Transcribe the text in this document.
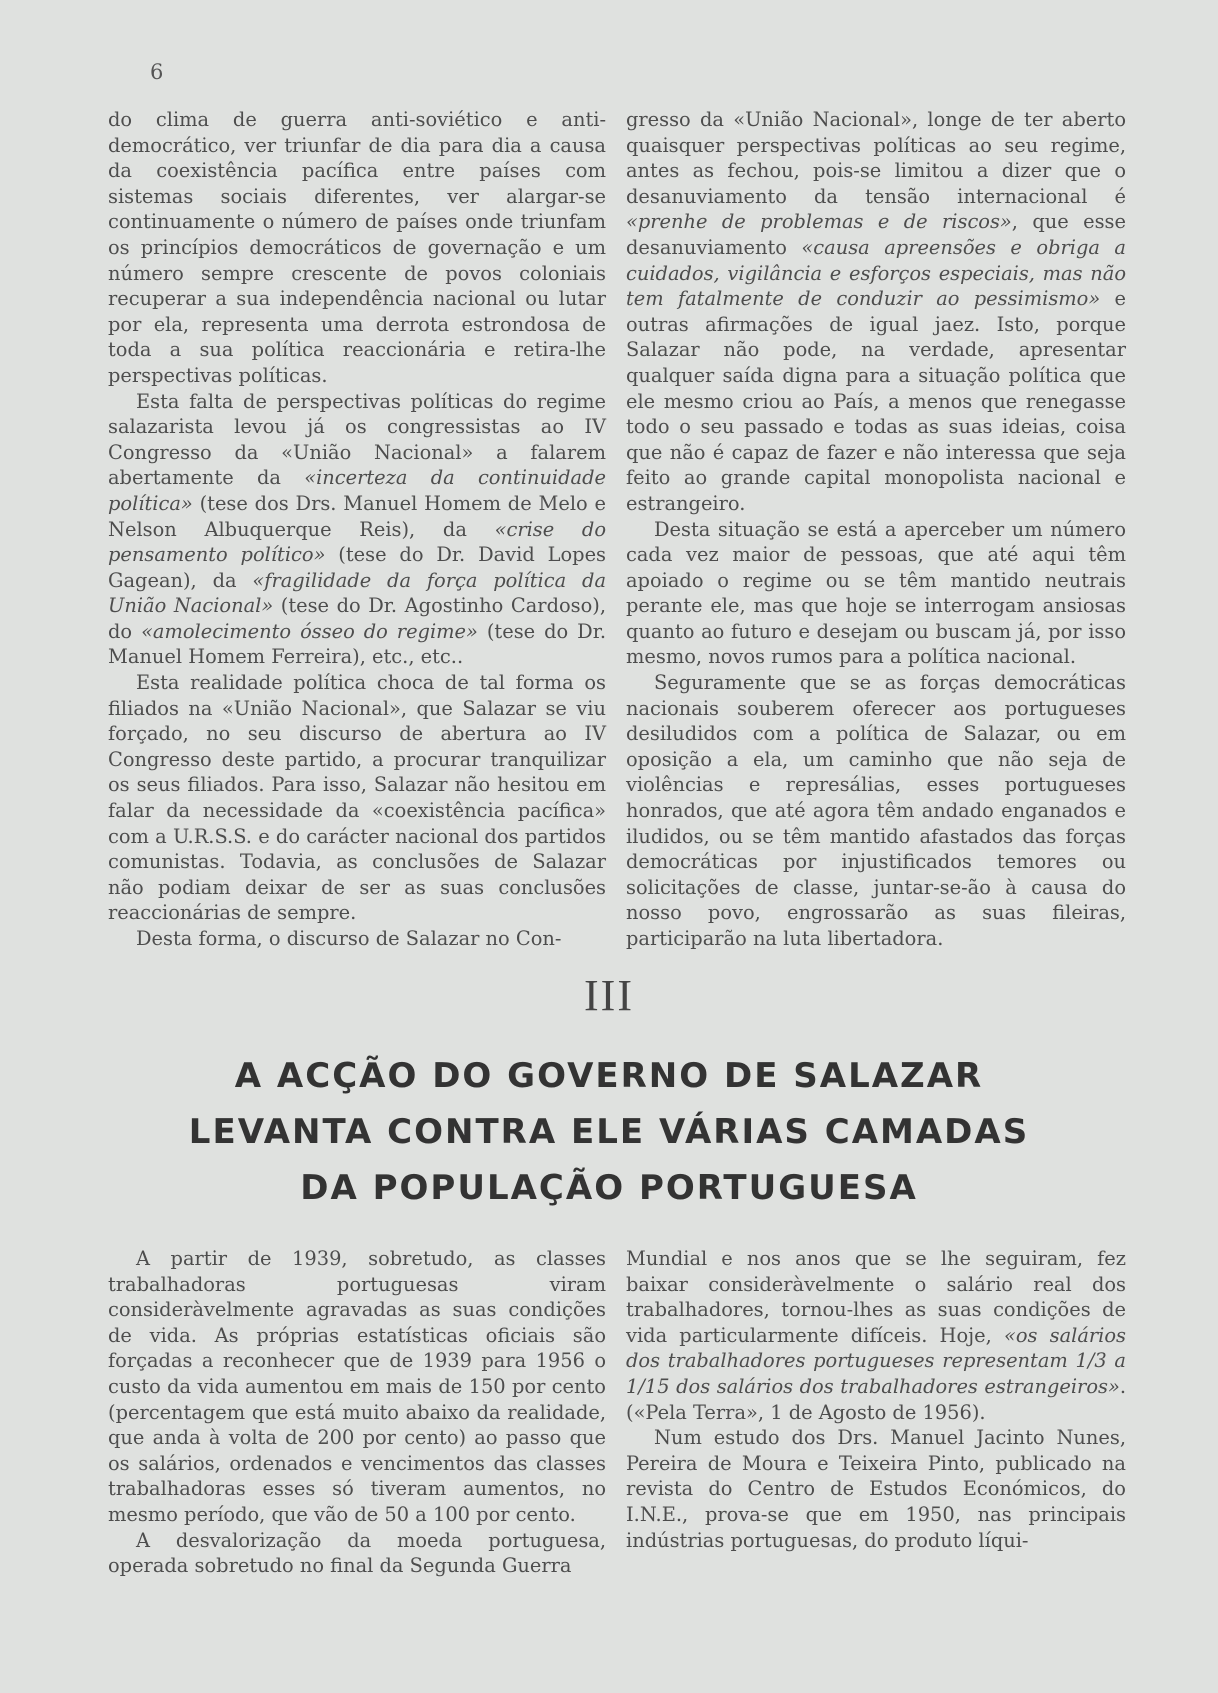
6

do clima de guerra anti-soviético e anti-democrático, ver triunfar de dia para dia a causa da coexistência pacífica entre países com sistemas sociais diferentes, ver alargar-se continuamente o número de países onde triunfam os princípios democráticos de governação e um número sempre crescente de povos coloniais recuperar a sua independência nacional ou lutar por ela, representa uma derrota estrondosa de toda a sua política reaccionária e retira-lhe perspectivas políticas.

Esta falta de perspectivas políticas do regime salazarista levou já os congressistas ao IV Congresso da «União Nacional» a falarem abertamente da «incerteza da continuidade política» (tese dos Drs. Manuel Homem de Melo e Nelson Albuquerque Reis), da «crise do pensamento político» (tese do Dr. David Lopes Gagean), da «fragilidade da força política da União Nacional» (tese do Dr. Agostinho Cardoso), do «amolecimento ósseo do regime» (tese do Dr. Manuel Homem Ferreira), etc., etc..

Esta realidade política choca de tal forma os filiados na «União Nacional», que Salazar se viu forçado, no seu discurso de abertura ao IV Congresso deste partido, a procurar tranquilizar os seus filiados. Para isso, Salazar não hesitou em falar da necessidade da «coexistência pacífica» com a U.R.S.S. e do carácter nacional dos partidos comunistas. Todavia, as conclusões de Salazar não podiam deixar de ser as suas conclusões reaccionárias de sempre.

Desta forma, o discurso de Salazar no Con-

gresso da «União Nacional», longe de ter aberto quaisquer perspectivas políticas ao seu regime, antes as fechou, pois-se limitou a dizer que o desanuviamento da tensão internacional é «prenhe de problemas e de riscos», que esse desanuviamento «causa apreensões e obriga a cuidados, vigilância e esforços especiais, mas não tem fatalmente de conduzir ao pessimismo» e outras afirmações de igual jaez. Isto, porque Salazar não pode, na verdade, apresentar qualquer saída digna para a situação política que ele mesmo criou ao País, a menos que renegasse todo o seu passado e todas as suas ideias, coisa que não é capaz de fazer e não interessa que seja feito ao grande capital monopolista nacional e estrangeiro.

Desta situação se está a aperceber um número cada vez maior de pessoas, que até aqui têm apoiado o regime ou se têm mantido neutrais perante ele, mas que hoje se interrogam ansiosas quanto ao futuro e desejam ou buscam já, por isso mesmo, novos rumos para a política nacional.

Seguramente que se as forças democráticas nacionais souberem oferecer aos portugueses desiludidos com a política de Salazar, ou em oposição a ela, um caminho que não seja de violências e represálias, esses portugueses honrados, que até agora têm andado enganados e iludidos, ou se têm mantido afastados das forças democráticas por injustificados temores ou solicitações de classe, juntar-se-ão à causa do nosso povo, engrossarão as suas fileiras, participarão na luta libertadora.

III
A ACÇÃO DO GOVERNO DE SALAZAR
LEVANTA CONTRA ELE VÁRIAS CAMADAS
DA POPULAÇÃO PORTUGUESA

A partir de 1939, sobretudo, as classes trabalhadoras portuguesas viram consideràvelmente agravadas as suas condições de vida. As próprias estatísticas oficiais são forçadas a reconhecer que de 1939 para 1956 o custo da vida aumentou em mais de 150 por cento (percentagem que está muito abaixo da realidade, que anda à volta de 200 por cento) ao passo que os salários, ordenados e vencimentos das classes trabalhadoras esses só tiveram aumentos, no mesmo período, que vão de 50 a 100 por cento.

A desvalorização da moeda portuguesa, operada sobretudo no final da Segunda Guerra

Mundial e nos anos que se lhe seguiram, fez baixar consideràvelmente o salário real dos trabalhadores, tornou-lhes as suas condições de vida particularmente difíceis. Hoje, «os salários dos trabalhadores portugueses representam 1/3 a 1/15 dos salários dos trabalhadores estrangeiros». («Pela Terra», 1 de Agosto de 1956).

Num estudo dos Drs. Manuel Jacinto Nunes, Pereira de Moura e Teixeira Pinto, publicado na revista do Centro de Estudos Económicos, do I.N.E., prova-se que em 1950, nas principais indústrias portuguesas, do produto líqui-
